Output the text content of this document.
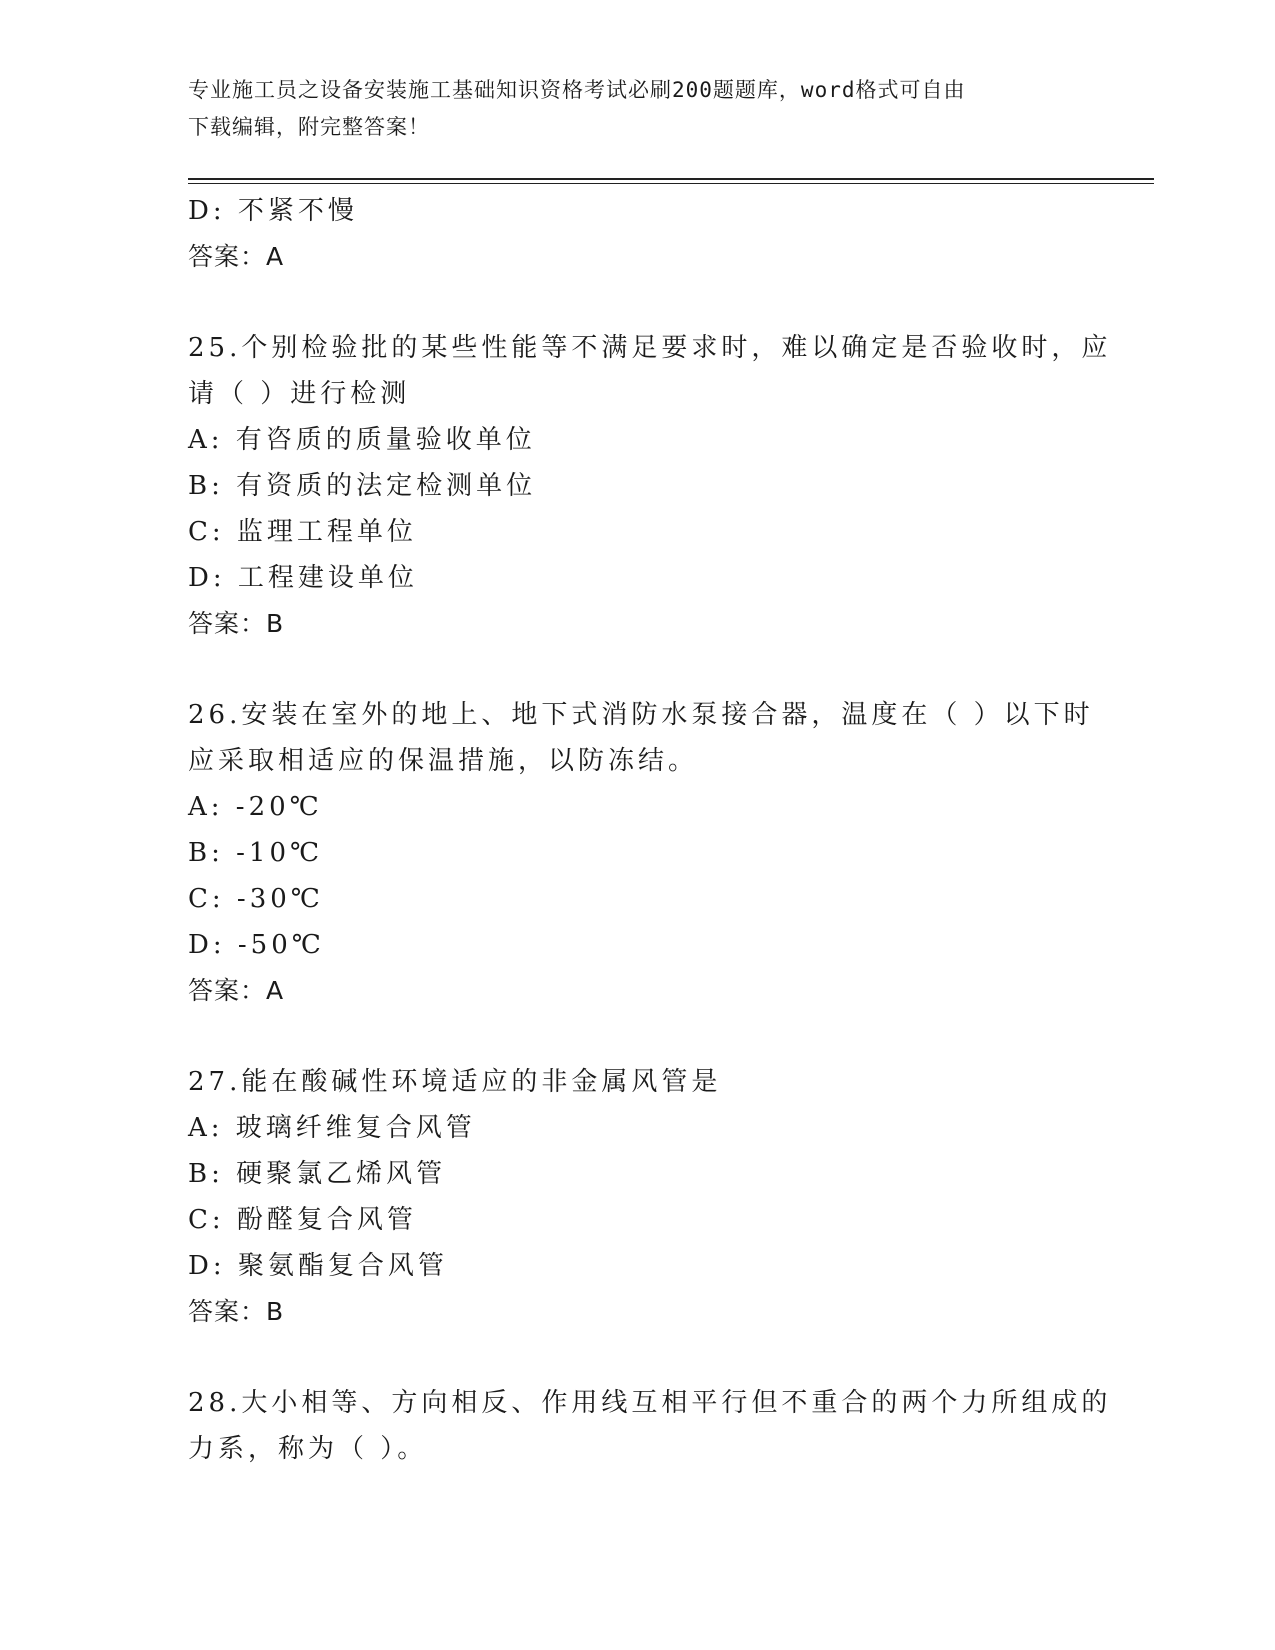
专业施工员之设备安装施工基础知识资格考试必刷200题题库，word格式可自由
下载编辑，附完整答案！
D: 不紧不慢
答案：A
25.个别检验批的某些性能等不满足要求时，难以确定是否验收时，应
请（ ）进行检测
A: 有咨质的质量验收单位
B: 有资质的法定检测单位
C: 监理工程单位
D: 工程建设单位
答案：B
26.安装在室外的地上、地下式消防水泵接合器，温度在（ ）以下时
应采取相适应的保温措施，以防冻结。
A: -20℃
B: -10℃
C: -30℃
D: -50℃
答案：A
27.能在酸碱性环境适应的非金属风管是
A: 玻璃纤维复合风管
B: 硬聚氯乙烯风管
C: 酚醛复合风管
D: 聚氨酯复合风管
答案：B
28.大小相等、方向相反、作用线互相平行但不重合的两个力所组成的
力系，称为（ ）。
